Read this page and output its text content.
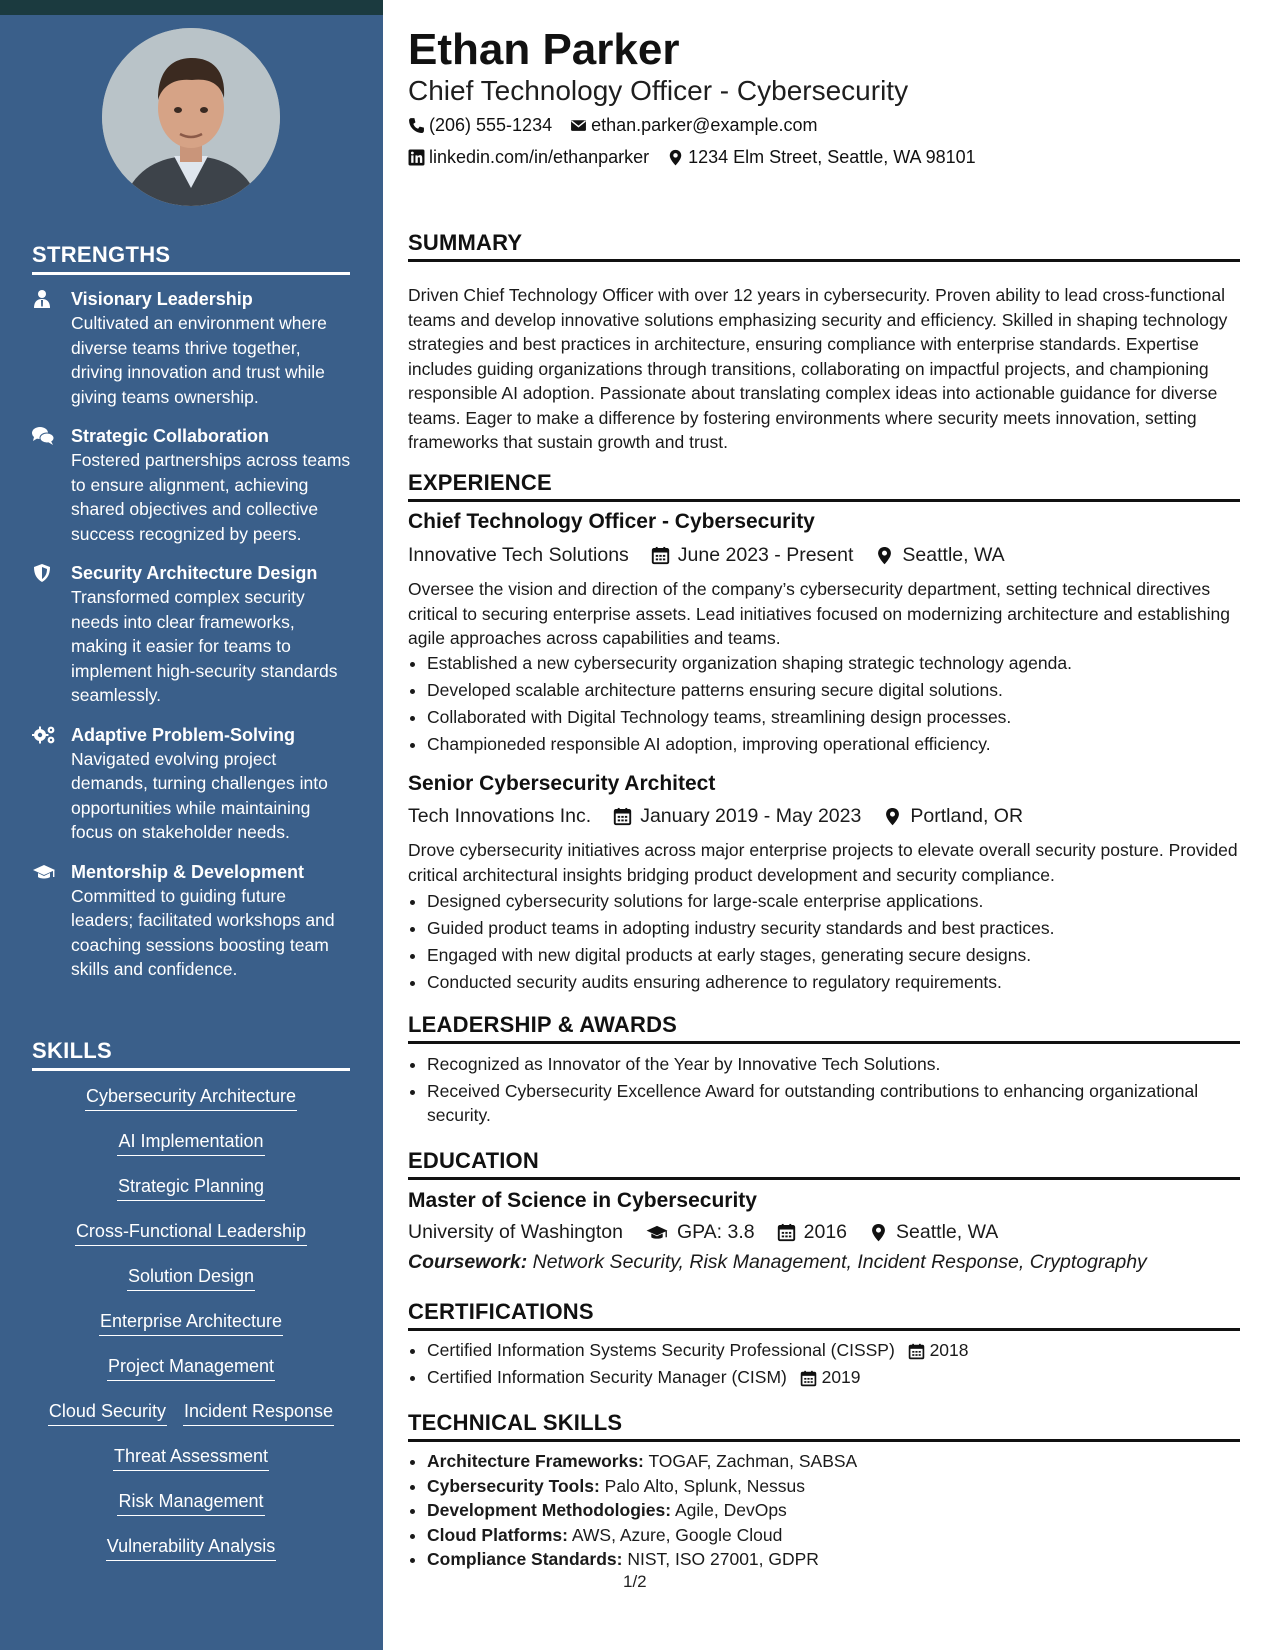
STRENGTHS
Visionary Leadership
Cultivated an environment where diverse teams thrive together, driving innovation and trust while giving teams ownership.
Strategic Collaboration
Fostered partnerships across teams to ensure alignment, achieving shared objectives and collective success recognized by peers.
Security Architecture Design
Transformed complex security needs into clear frameworks, making it easier for teams to implement high-security standards seamlessly.
Adaptive Problem-Solving
Navigated evolving project demands, turning challenges into opportunities while maintaining focus on stakeholder needs.
Mentorship & Development
Committed to guiding future leaders; facilitated workshops and coaching sessions boosting team skills and confidence.
SKILLS
Cybersecurity Architecture
AI Implementation
Strategic Planning
Cross-Functional Leadership
Solution Design
Enterprise Architecture
Project Management
Cloud Security Incident Response
Threat Assessment
Risk Management
Vulnerability Analysis
Ethan Parker
Chief Technology Officer - Cybersecurity
(206) 555-1234 ethan.parker@example.com
linkedin.com/in/ethanparker 1234 Elm Street, Seattle, WA 98101
SUMMARY
Driven Chief Technology Officer with over 12 years in cybersecurity. Proven ability to lead cross-functional teams and develop innovative solutions emphasizing security and efficiency. Skilled in shaping technology strategies and best practices in architecture, ensuring compliance with enterprise standards. Expertise includes guiding organizations through transitions, collaborating on impactful projects, and championing responsible AI adoption. Passionate about translating complex ideas into actionable guidance for diverse teams. Eager to make a difference by fostering environments where security meets innovation, setting frameworks that sustain growth and trust.
EXPERIENCE
Chief Technology Officer - Cybersecurity
Innovative Tech Solutions	June 2023 - Present	Seattle, WA
Oversee the vision and direction of the company’s cybersecurity department, setting technical directives critical to securing enterprise assets. Lead initiatives focused on modernizing architecture and establishing agile approaches across capabilities and teams.
• Established a new cybersecurity organization shaping strategic technology agenda.
• Developed scalable architecture patterns ensuring secure digital solutions.
• Collaborated with Digital Technology teams, streamlining design processes.
• Championeded responsible AI adoption, improving operational efficiency.
Senior Cybersecurity Architect
Tech Innovations Inc.	January 2019 - May 2023	Portland, OR
Drove cybersecurity initiatives across major enterprise projects to elevate overall security posture. Provided critical architectural insights bridging product development and security compliance.
• Designed cybersecurity solutions for large-scale enterprise applications.
• Guided product teams in adopting industry security standards and best practices.
• Engaged with new digital products at early stages, generating secure designs.
• Conducted security audits ensuring adherence to regulatory requirements.
LEADERSHIP & AWARDS
• Recognized as Innovator of the Year by Innovative Tech Solutions.
• Received Cybersecurity Excellence Award for outstanding contributions to enhancing organizational security.
EDUCATION
Master of Science in Cybersecurity
University of Washington	GPA: 3.8	2016	Seattle, WA
Coursework: Network Security, Risk Management, Incident Response, Cryptography
CERTIFICATIONS
• Certified Information Systems Security Professional (CISSP) 2018
• Certified Information Security Manager (CISM) 2019
TECHNICAL SKILLS
• Architecture Frameworks: TOGAF, Zachman, SABSA
• Cybersecurity Tools: Palo Alto, Splunk, Nessus
• Development Methodologies: Agile, DevOps
• Cloud Platforms: AWS, Azure, Google Cloud
• Compliance Standards: NIST, ISO 27001, GDPR
1/2
